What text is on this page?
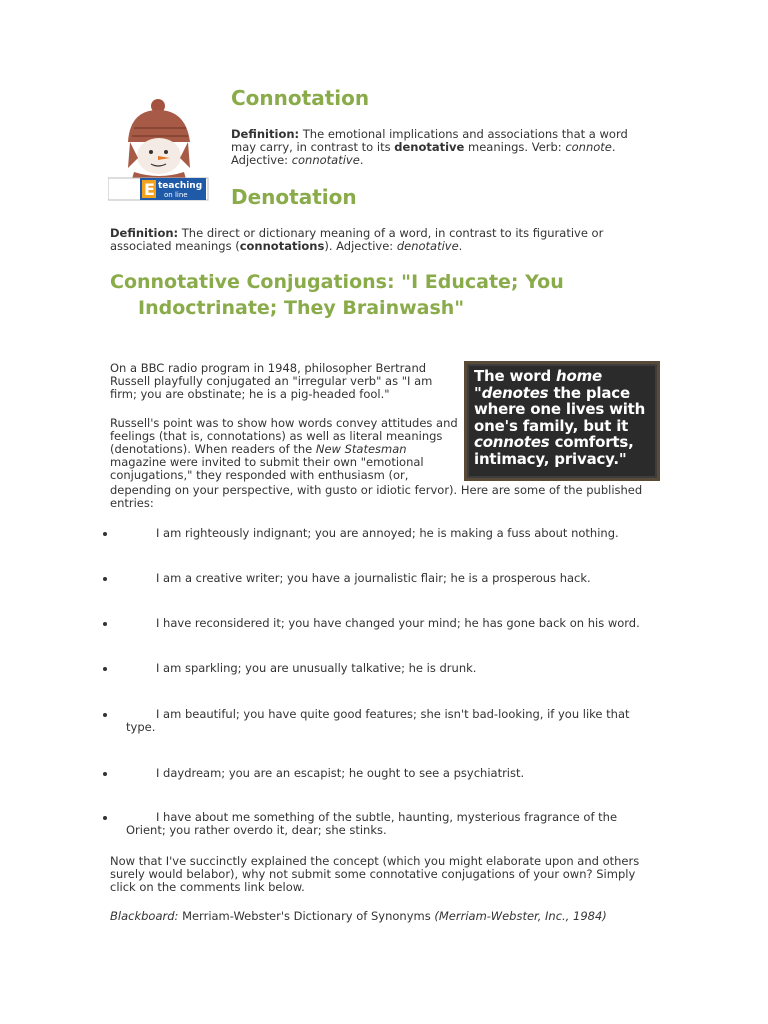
E teaching
on line
Connotation
Definition: The emotional implications and associations that a word may carry, in contrast to its denotative meanings. Verb: connote. Adjective: connotative.
Denotation
Definition: The direct or dictionary meaning of a word, in contrast to its figurative or associated meanings (connotations). Adjective: denotative.
Connotative Conjugations: "I Educate; You
Indoctrinate; They Brainwash"
On a BBC radio program in 1948, philosopher Bertrand Russell playfully conjugated an "irregular verb" as "I am firm; you are obstinate; he is a pig-headed fool."
Russell's point was to show how words convey attitudes and feelings (that is, connotations) as well as literal meanings (denotations). When readers of the New Statesman magazine were invited to submit their own "emotional conjugations," they responded with enthusiasm (or,
depending on your perspective, with gusto or idiotic fervor). Here are some of the published entries:
The word home
"denotes the place where one lives with one's family, but it connotes comforts, intimacy, privacy."
I am righteously indignant; you are annoyed; he is making a fuss about nothing.
I am a creative writer; you have a journalistic flair; he is a prosperous hack.
I have reconsidered it; you have changed your mind; he has gone back on his word.
I am sparkling; you are unusually talkative; he is drunk.
I am beautiful; you have quite good features; she isn't bad-looking, if you like that type.
I daydream; you are an escapist; he ought to see a psychiatrist.
I have about me something of the subtle, haunting, mysterious fragrance of the Orient; you rather overdo it, dear; she stinks.
Now that I've succinctly explained the concept (which you might elaborate upon and others surely would belabor), why not submit some connotative conjugations of your own? Simply click on the comments link below.
Blackboard: Merriam-Webster's Dictionary of Synonyms (Merriam-Webster, Inc., 1984)
